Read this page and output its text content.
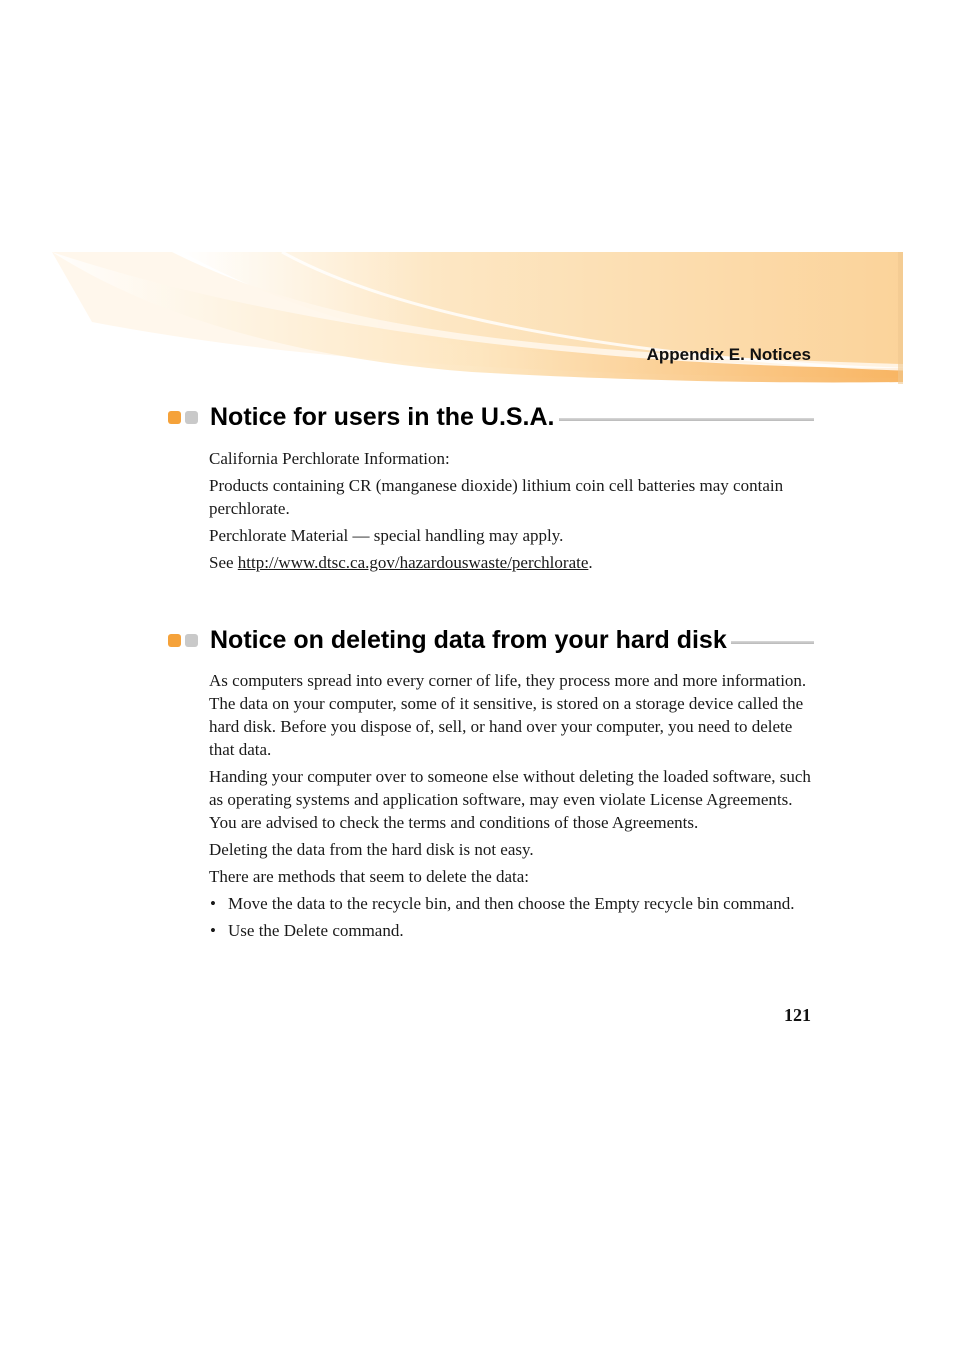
Appendix E. Notices
Notice for users in the U.S.A.

California Perchlorate Information:

Products containing CR (manganese dioxide) lithium coin cell batteries may contain perchlorate.

Perchlorate Material — special handling may apply.

See http://www.dtsc.ca.gov/hazardouswaste/perchlorate.

Notice on deleting data from your hard disk

As computers spread into every corner of life, they process more and more information. The data on your computer, some of it sensitive, is stored on a storage device called the hard disk. Before you dispose of, sell, or hand over your computer, you need to delete that data.

Handing your computer over to someone else without deleting the loaded software, such as operating systems and application software, may even violate License Agreements. You are advised to check the terms and conditions of those Agreements.

Deleting the data from the hard disk is not easy.

There are methods that seem to delete the data:

• Move the data to the recycle bin, and then choose the Empty recycle bin command.
• Use the Delete command.
121
